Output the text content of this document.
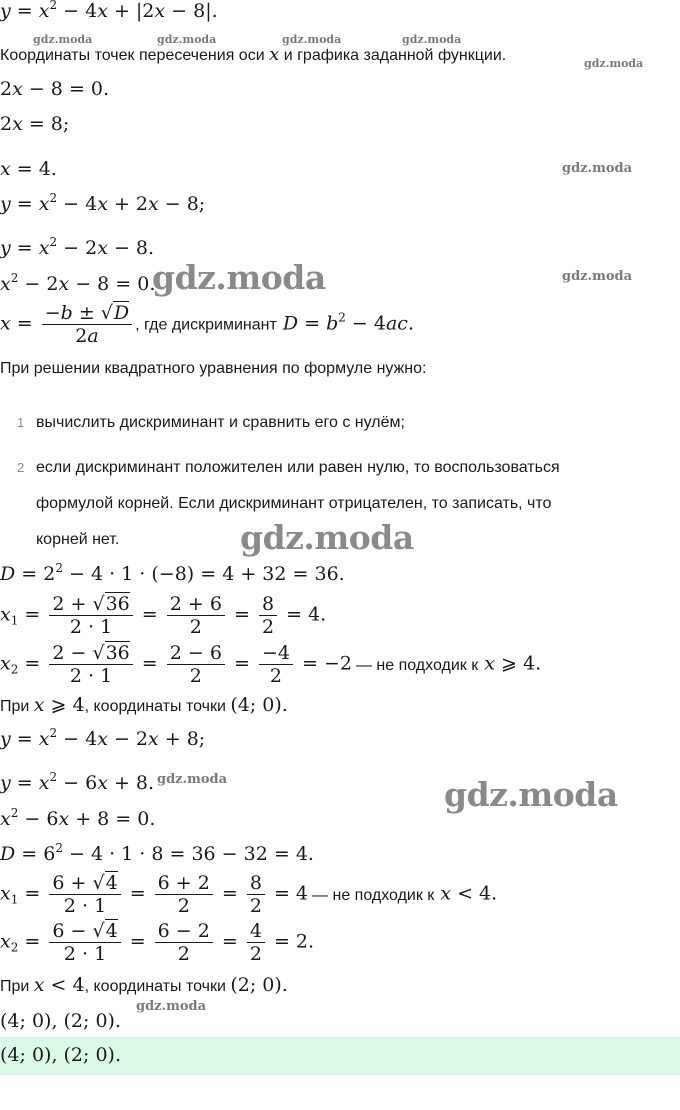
$y = x^2 - 4x + |2x - 8|$.
gdz.moda	gdz.moda	gdz.moda	gdz.moda
Координаты точек пересечения оси x и графика заданной функции.	gdz.moda
2x − 8 = 0.
2x = 8;
x = 4.	gdz.moda
$y = x^2 - 4x + 2x - 8$;
$y = x^2 - 2x - 8$.
$x^2 - 2x - 8 = 0$.
gdz.moda	gdz.moda
$x = \frac{-b \pm √D}{2a}$ , где дискриминант $D = b^2 - 4ac$.
При решении квадратного уравнения по формуле нужно:
1 вычислить дискриминант и сравнить его с нулём;
2 если дискриминант положителен или равен нулю, то воспользоваться
формулой корней. Если дискриминант отрицателен, то записать, что
корней нет.	gdz.moda
$D = 2^2 - 4 \cdot 1 \cdot (-8) = 4 + 32 = 36$.
$x_1 = \frac{2 + √36}{2 \cdot 1} = \frac{2 + 6}{2} = \frac{8}{2} = 4$.
$x_2 = \frac{2 - √36}{2 \cdot 1} = \frac{2 - 6}{2} = \frac{-4}{2} = -2$ — не подходик к x ⩾ 4.
При x ⩾ 4, координаты точки (4; 0).
$y = x^2 - 4x - 2x + 8$;
$y = x^2 - 6x + 8$. gdz.moda	gdz.moda
$x^2 - 6x + 8 = 0$.
$D = 6^2 - 4 \cdot 1 \cdot 8 = 36 - 32 = 4$.
$x_1 = \frac{6 + √4}{2 \cdot 1} = \frac{6 + 2}{2} = \frac{8}{2} = 4$ — не подходик к x < 4.
$x_2 = \frac{6 - √4}{2 \cdot 1} = \frac{6 - 2}{2} = \frac{4}{2} = 2$.
При x < 4, координаты точки (2; 0).
gdz.moda
(4; 0), (2; 0).
(4; 0), (2; 0).
